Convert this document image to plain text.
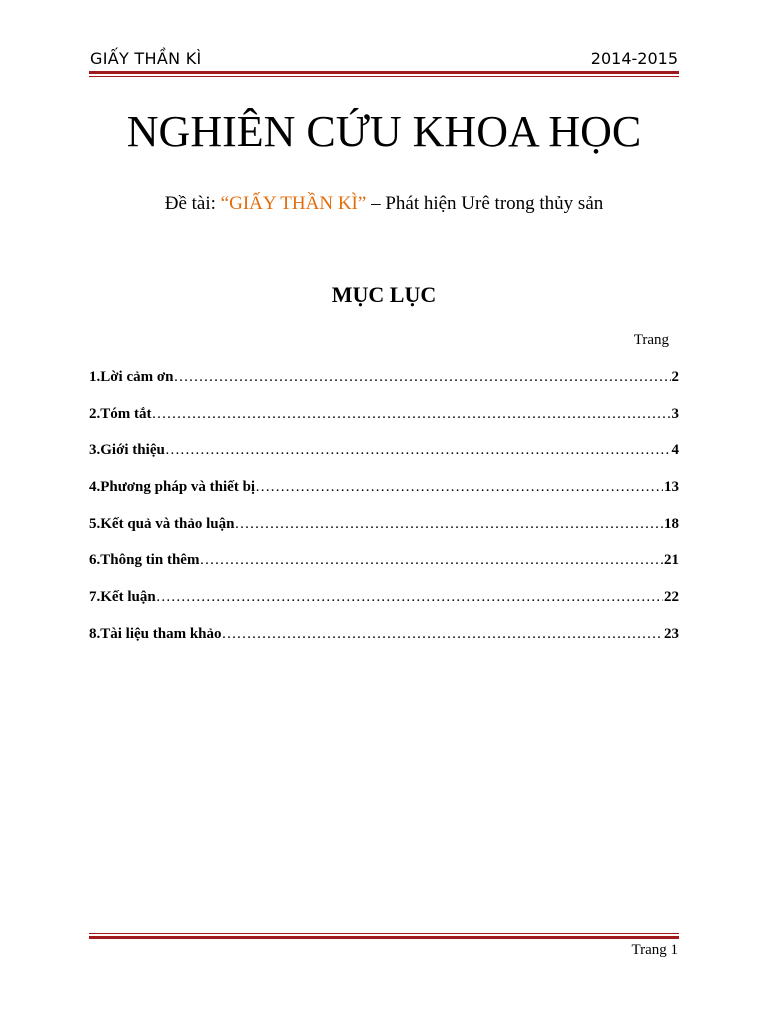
GIẤY THẦN KÌ	2014-2015
NGHIÊN CỨU KHOA HỌC
Đề tài: “GIẤY THẦN KÌ” – Phát hiện Urê trong thủy sản
MỤC LỤC
Trang
1.Lời cảm ơn …………………………………………………………………………………………………………………………………………………………………	2
2.Tóm tắt …………………………………………………………………………………………………………………………………………………………………	3
3.Giới thiệu …………………………………………………………………………………………………………………………………………………………………	4
4.Phương pháp và thiết bị …………………………………………………………………………………………………………………………………………………………………	13
5.Kết quả và thảo luận …………………………………………………………………………………………………………………………………………………………………	18
6.Thông tin thêm …………………………………………………………………………………………………………………………………………………………………	21
7.Kết luận …………………………………………………………………………………………………………………………………………………………………	22
8.Tài liệu tham khảo …………………………………………………………………………………………………………………………………………………………………	23
Trang 1
